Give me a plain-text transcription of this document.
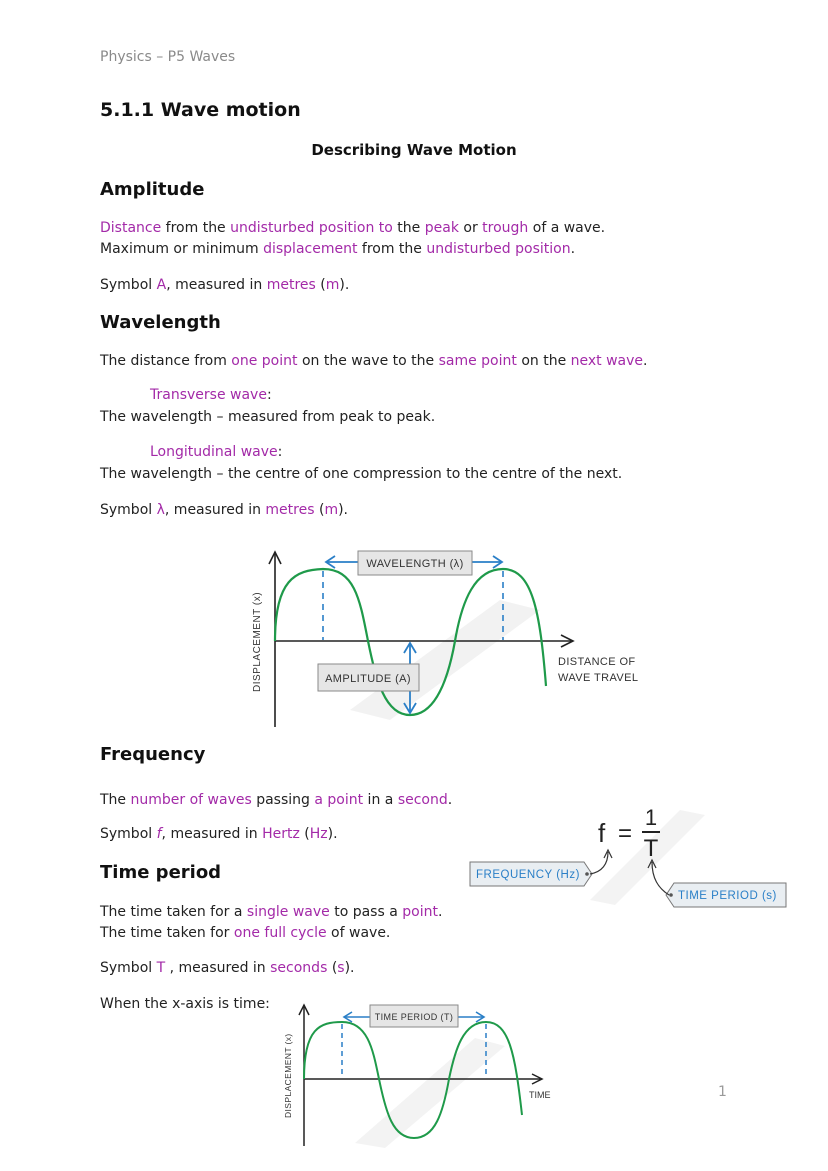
Physics – P5 Waves
5.1.1 Wave motion
Describing Wave Motion
Amplitude
Distance from the undisturbed position to the peak or trough of a wave.
Maximum or minimum displacement from the undisturbed position.
Symbol A, measured in metres (m).
Wavelength
The distance from one point on the wave to the same point on the next wave.
Transverse wave:
The wavelength – measured from peak to peak.
Longitudinal wave:
The wavelength – the centre of one compression to the centre of the next.
Symbol λ, measured in metres (m).
DISPLACEMENT (x)
WAVELENGTH (λ)
AMPLITUDE (A)
DISTANCE OF
WAVE TRAVEL
Frequency
The number of waves passing a point in a second.
Symbol f, measured in Hertz (Hz).	f =
1
T
FREQUENCY (Hz)
TIME PERIOD (s)
Time period
The time taken for a single wave to pass a point.
The time taken for one full cycle of wave.
Symbol T , measured in seconds (s).
When the x-axis is time:
DISPLACEMENT (x)
TIME PERIOD (T)
TIME	1
